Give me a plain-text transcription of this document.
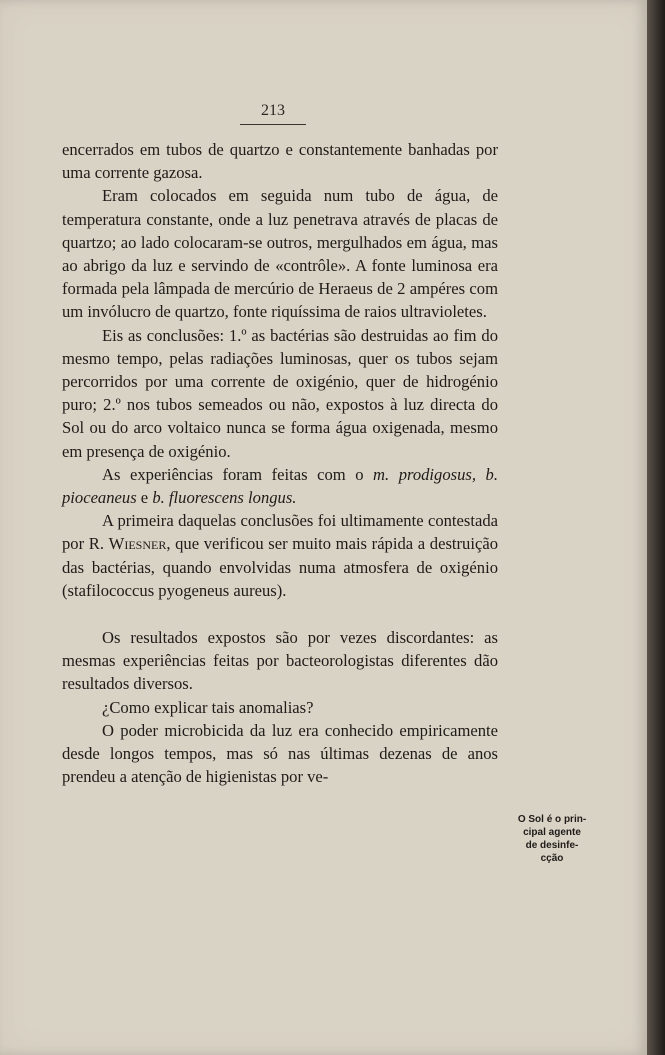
213

encerrados em tubos de quartzo e constantemente banhadas por uma corrente gazosa.

Eram colocados em seguida num tubo de água, de temperatura constante, onde a luz penetrava através de placas de quartzo; ao lado colocaram-se outros, mergulhados em água, mas ao abrigo da luz e servindo de «contrôle». A fonte luminosa era formada pela lâmpada de mercúrio de Heraeus de 2 ampéres com um invólucro de quartzo, fonte riquíssima de raios ultravioletes.

Eis as conclusões: 1.º as bactérias são destruidas ao fim do mesmo tempo, pelas radiações luminosas, quer os tubos sejam percorridos por uma corrente de oxigénio, quer de hidrogénio puro; 2.º nos tubos semeados ou não, expostos à luz directa do Sol ou do arco voltaico nunca se forma água oxigenada, mesmo em presença de oxigénio.

As experiências foram feitas com o m. prodigosus, b. pioceaneus e b. fluorescens longus.

A primeira daquelas conclusões foi ultimamente contestada por R. Wiesner, que verificou ser muito mais rápida a destruição das bactérias, quando envolvidas numa atmosfera de oxigénio (stafilococcus pyogeneus aureus).

Os resultados expostos são por vezes discordantes: as mesmas experiências feitas por bacteorologistas diferentes dão resultados diversos.

¿Como explicar tais anomalias?

O poder microbicida da luz era conhecido empiricamente desde longos tempos, mas só nas últimas dezenas de anos prendeu a atenção de higienistas por ve-

O Sol é o prin-
cipal agente
de desinfe-
cção
